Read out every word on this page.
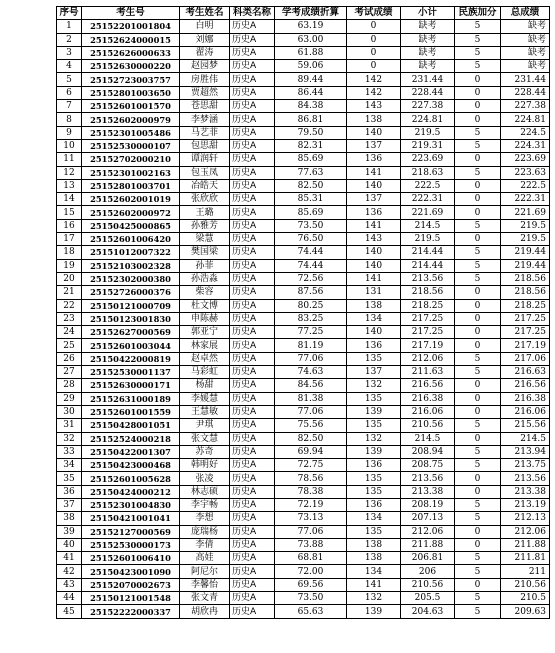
序号	考生号	考生姓名	科类名称	学考成绩折算	考试成绩	小计	民族加分	总成绩
1	25152201001804	白明	历史A	63.19	0	缺考	5	缺考
2	25152624000015	刘娜	历史A	63.00	0	缺考	5	缺考
3	25152626000633	翟涛	历史A	61.88	0	缺考	5	缺考
4	25152630000220	赵园梦	历史A	59.06	0	缺考	5	缺考
5	25152723003757	房胜伟	历史A	89.44	142	231.44	0	231.44
6	25152801003650	贾超然	历史A	86.44	142	228.44	0	228.44
7	25152601001570	苍思甜	历史A	84.38	143	227.38	0	227.38
8	25152602000979	李梦涵	历史A	86.81	138	224.81	0	224.81
9	25152301005486	马艺菲	历史A	79.50	140	219.5	5	224.5
10	25152530000107	包思甜	历史A	82.31	137	219.31	5	224.31
11	25152702000210	谭润轩	历史A	85.69	136	223.69	0	223.69
12	25152301002163	包玉凤	历史A	77.63	141	218.63	5	223.63
13	25152801003701	冶皓天	历史A	82.50	140	222.5	0	222.5
14	25152602001019	张欣欣	历史A	85.31	137	222.31	0	222.31
15	25152602000972	王璐	历史A	85.69	136	221.69	0	221.69
16	25150425000865	孙雅芳	历史A	73.50	141	214.5	5	219.5
17	25152601006420	梁慧	历史A	76.50	143	219.5	0	219.5
18	25151012007322	樊国梁	历史A	74.44	140	214.44	5	219.44
19	25152103002328	孙菲	历史A	74.44	140	214.44	5	219.44
20	25152302000380	孙浩淼	历史A	72.56	141	213.56	5	218.56
21	25152726000376	柴容	历史A	87.56	131	218.56	0	218.56
22	25150121000709	杜文博	历史A	80.25	138	218.25	0	218.25
23	25150123001830	申陈赫	历史A	83.25	134	217.25	0	217.25
24	25152627000569	郭亚宁	历史A	77.25	140	217.25	0	217.25
25	25152601003044	林家展	历史A	81.19	136	217.19	0	217.19
26	25150422000819	赵卓然	历史A	77.06	135	212.06	5	217.06
27	25152530001137	马彩虹	历史A	74.63	137	211.63	5	216.63
28	25152630000171	杨甜	历史A	84.56	132	216.56	0	216.56
29	25152631000189	李媛慧	历史A	81.38	135	216.38	0	216.38
30	25152601001559	王慧敏	历史A	77.06	139	216.06	0	216.06
31	25150428001051	尹琪	历史A	75.56	135	210.56	5	215.56
32	25152524000218	张文慧	历史A	82.50	132	214.5	0	214.5
33	25150422001307	苏奇	历史A	69.94	139	208.94	5	213.94
34	25150423000468	韩明好	历史A	72.75	136	208.75	5	213.75
35	25152601005628	张凌	历史A	78.56	135	213.56	0	213.56
36	25150424000212	林志硕	历史A	78.38	135	213.38	0	213.38
37	25152301004830	李宇畅	历史A	72.19	136	208.19	5	213.19
38	25150421001041	李想	历史A	73.13	134	207.13	5	212.13
39	25152127000569	庞瑞杨	历史A	77.06	135	212.06	0	212.06
40	25152530000173	李倩	历史A	73.88	138	211.88	0	211.88
41	25152601006410	高娃	历史A	68.81	138	206.81	5	211.81
42	25150423001090	阿尼尔	历史A	72.00	134	206	5	211
43	25152070002673	李馨怡	历史A	69.56	141	210.56	0	210.56
44	25150121001548	张文青	历史A	73.50	132	205.5	5	210.5
45	25152222000337	胡欣冉	历史A	65.63	139	204.63	5	209.63
